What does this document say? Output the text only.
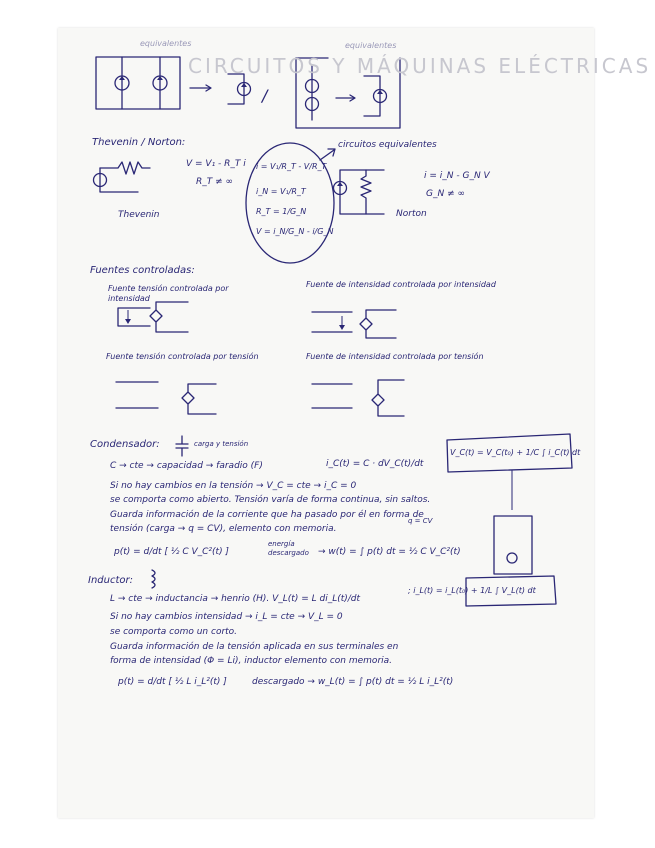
equivalentes	equivalentes
CIRCUITOS Y MÁQUINAS ELÉCTRICAS
/
Thevenin / Norton:
V = V₁ - R_T i
R_T ≠ ∞
Thevenin
i = V₁/R_T - V/R_T
i_N = V₁/R_T
R_T = 1/G_N
V = i_N/G_N - i/G_N
circuitos equivalentes
i = i_N - G_N V
G_N ≠ ∞
Norton
Fuentes controladas:
Fuente tensión controlada por intensidad
Fuente de intensidad controlada por intensidad
Fuente tensión controlada por tensión	Fuente de intensidad controlada por tensión
Condensador:	carga y tensión
C → cte → capacidad → faradio (F)	i_C(t) = C · dV_C(t)/dt
V_C(t) = V_C(t₀) + 1/C ∫ i_C(t) dt
Si no hay cambios en la tensión → V_C = cte → i_C = 0
se comporta como abierto. Tensión varía de forma continua, sin saltos.
Guarda información de la corriente que ha pasado por él en forma de
tensión (carga → q = CV), elemento con memoria.
q = CV
p(t) = d/dt [ ½ C V_C²(t) ]
energía descargado	→ w(t) = ∫ p(t) dt = ½ C V_C²(t)
Inductor:
L → cte → inductancia → henrio (H). V_L(t) = L di_L(t)/dt
; i_L(t) = i_L(t₀) + 1/L ∫ V_L(t) dt
Si no hay cambios intensidad → i_L = cte → V_L = 0
se comporta como un corto.
Guarda información de la tensión aplicada en sus terminales en
forma de intensidad (Φ = Li), inductor elemento con memoria.
p(t) = d/dt [ ½ L i_L²(t) ]	descargado → w_L(t) = ∫ p(t) dt = ½ L i_L²(t)
